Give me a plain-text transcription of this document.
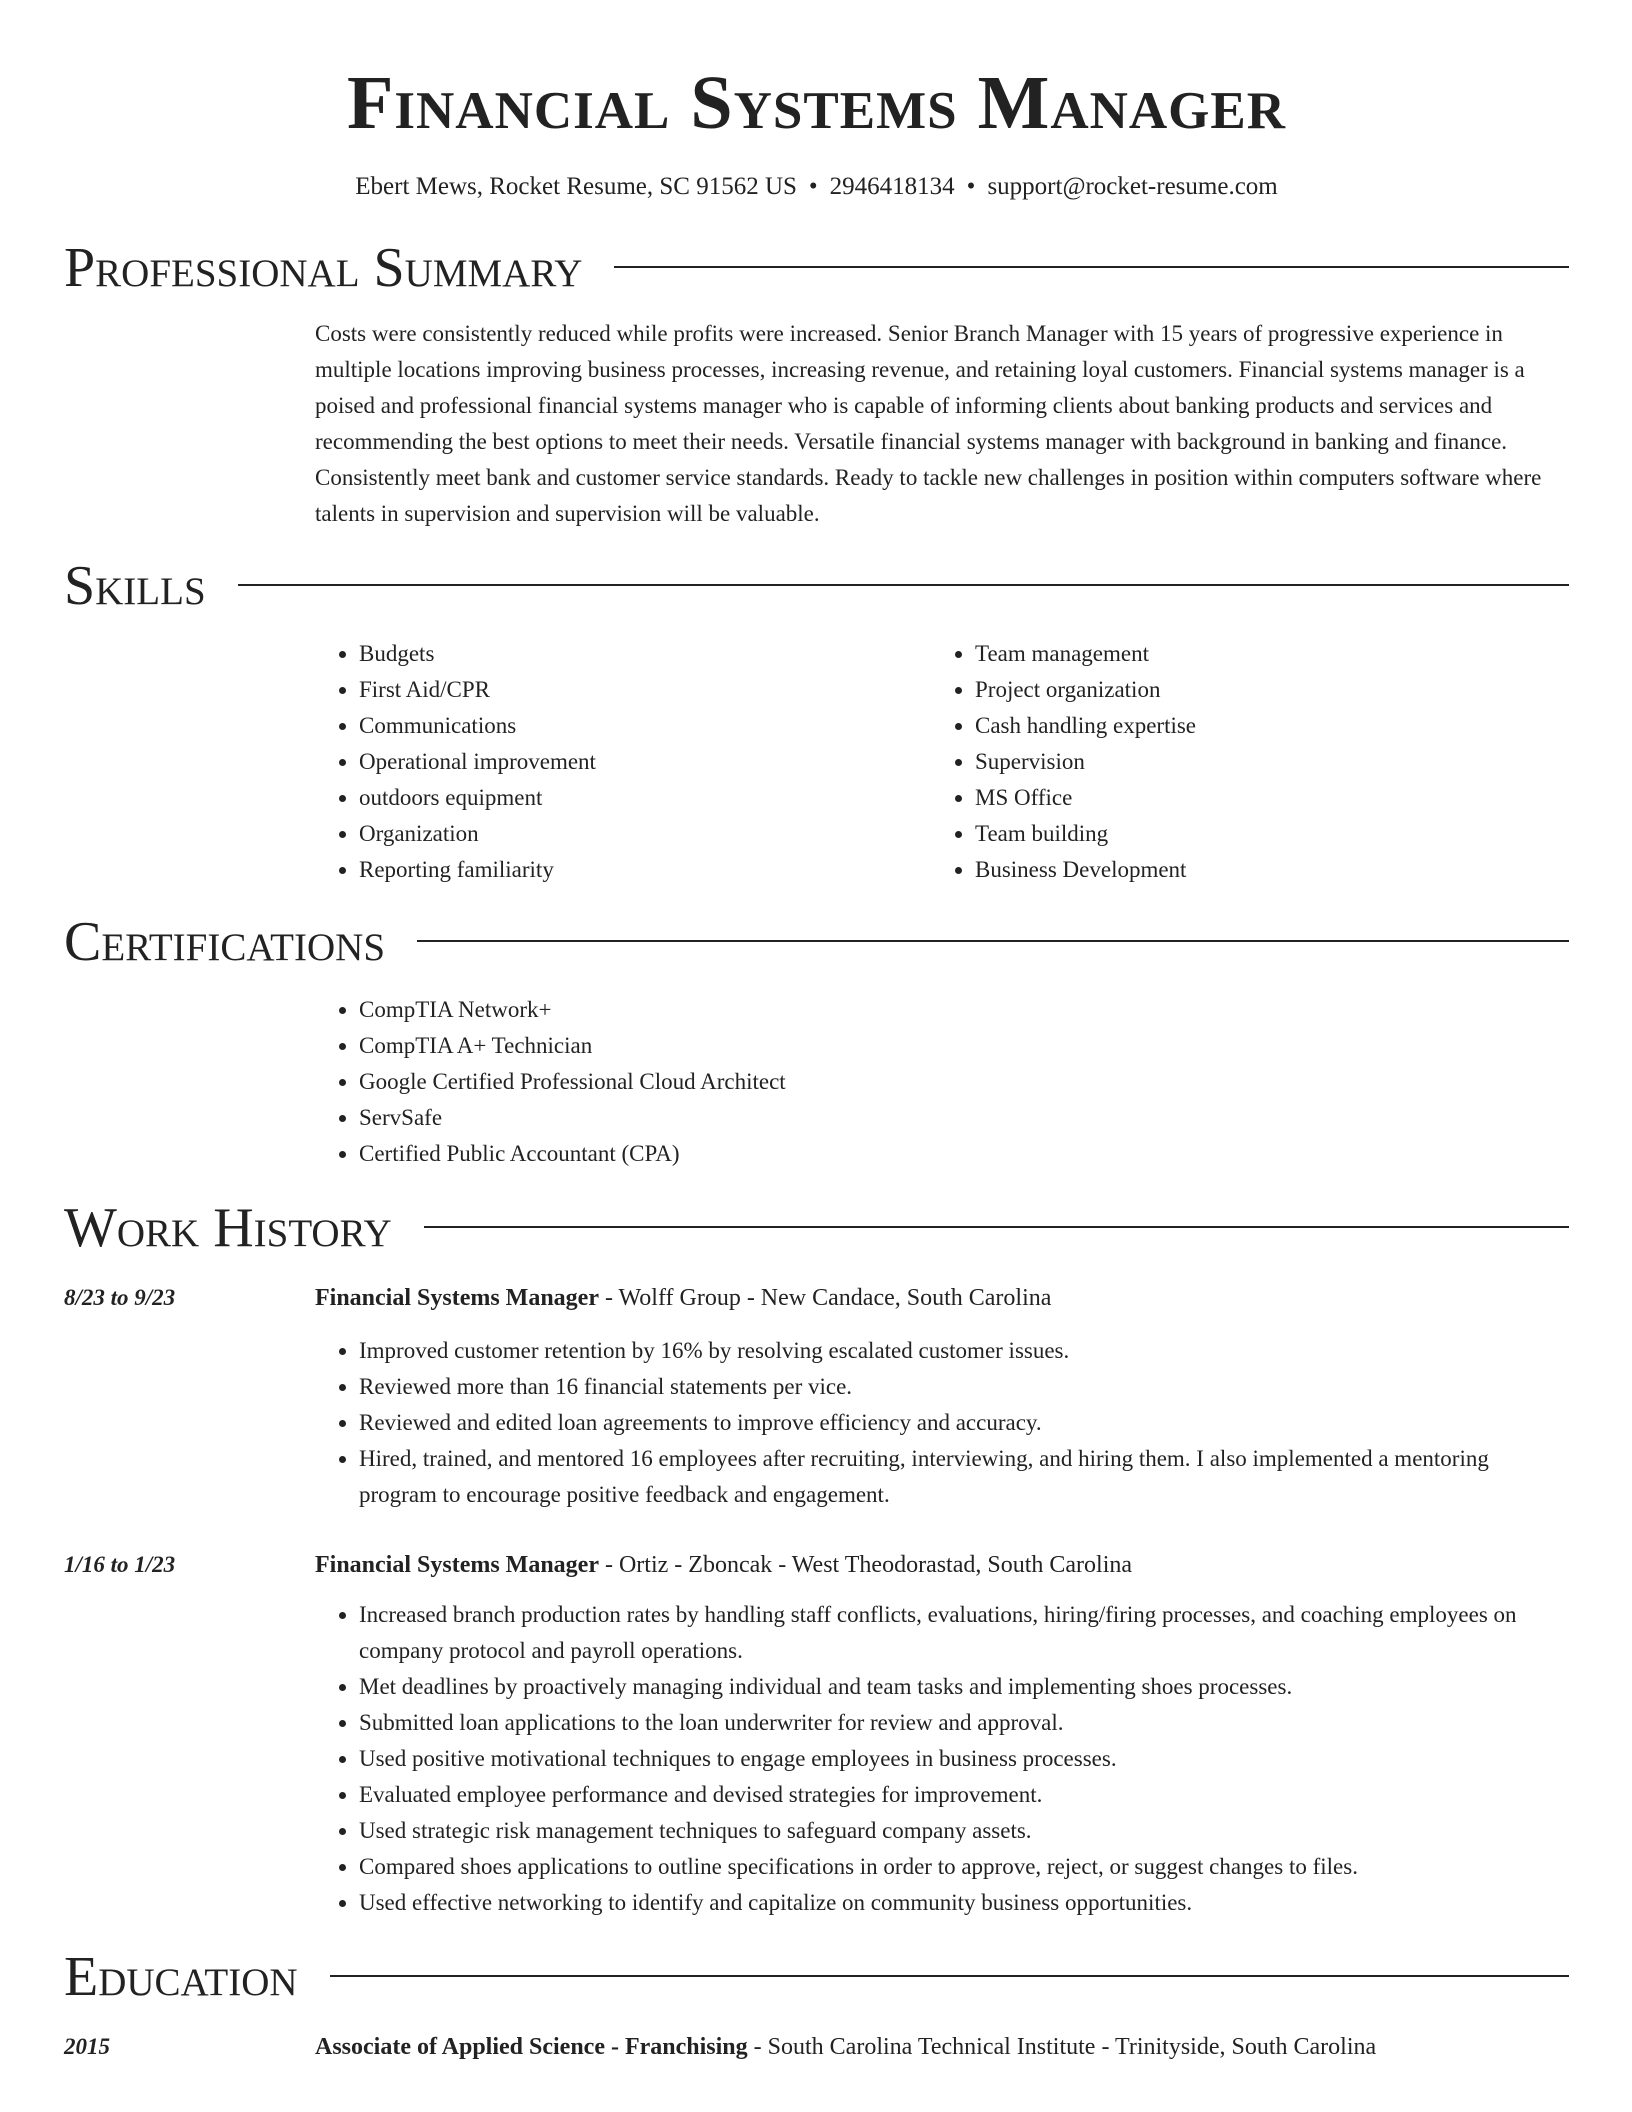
Financial Systems Manager
Ebert Mews, Rocket Resume, SC 91562 US • 2946418134 • support@rocket-resume.com
Professional Summary

Costs were consistently reduced while profits were increased. Senior Branch Manager with 15 years of progressive experience in multiple locations improving business processes, increasing revenue, and retaining loyal customers. Financial systems manager is a poised and professional financial systems manager who is capable of informing clients about banking products and services and recommending the best options to meet their needs. Versatile financial systems manager with background in banking and finance. Consistently meet bank and customer service standards. Ready to tackle new challenges in position within computers software where talents in supervision and supervision will be valuable.

Skills
• Budgets
• First Aid/CPR
• Communications
• Operational improvement
• outdoors equipment
• Organization
• Reporting familiarity
• Team management
• Project organization
• Cash handling expertise
• Supervision
• MS Office
• Team building
• Business Development
Certifications
• CompTIA Network+
• CompTIA A+ Technician
• Google Certified Professional Cloud Architect
• ServSafe
• Certified Public Accountant (CPA)
Work History
8/23 to 9/23	Financial Systems Manager - Wolff Group - New Candace, South Carolina
• Improved customer retention by 16% by resolving escalated customer issues.
• Reviewed more than 16 financial statements per vice.
• Reviewed and edited loan agreements to improve efficiency and accuracy.
• Hired, trained, and mentored 16 employees after recruiting, interviewing, and hiring them. I also implemented a mentoring program to encourage positive feedback and engagement.
1/16 to 1/23	Financial Systems Manager - Ortiz - Zboncak - West Theodorastad, South Carolina
• Increased branch production rates by handling staff conflicts, evaluations, hiring/firing processes, and coaching employees on company protocol and payroll operations.
• Met deadlines by proactively managing individual and team tasks and implementing shoes processes.
• Submitted loan applications to the loan underwriter for review and approval.
• Used positive motivational techniques to engage employees in business processes.
• Evaluated employee performance and devised strategies for improvement.
• Used strategic risk management techniques to safeguard company assets.
• Compared shoes applications to outline specifications in order to approve, reject, or suggest changes to files.
• Used effective networking to identify and capitalize on community business opportunities.
Education
2015	Associate of Applied Science - Franchising - South Carolina Technical Institute - Trinityside, South Carolina
